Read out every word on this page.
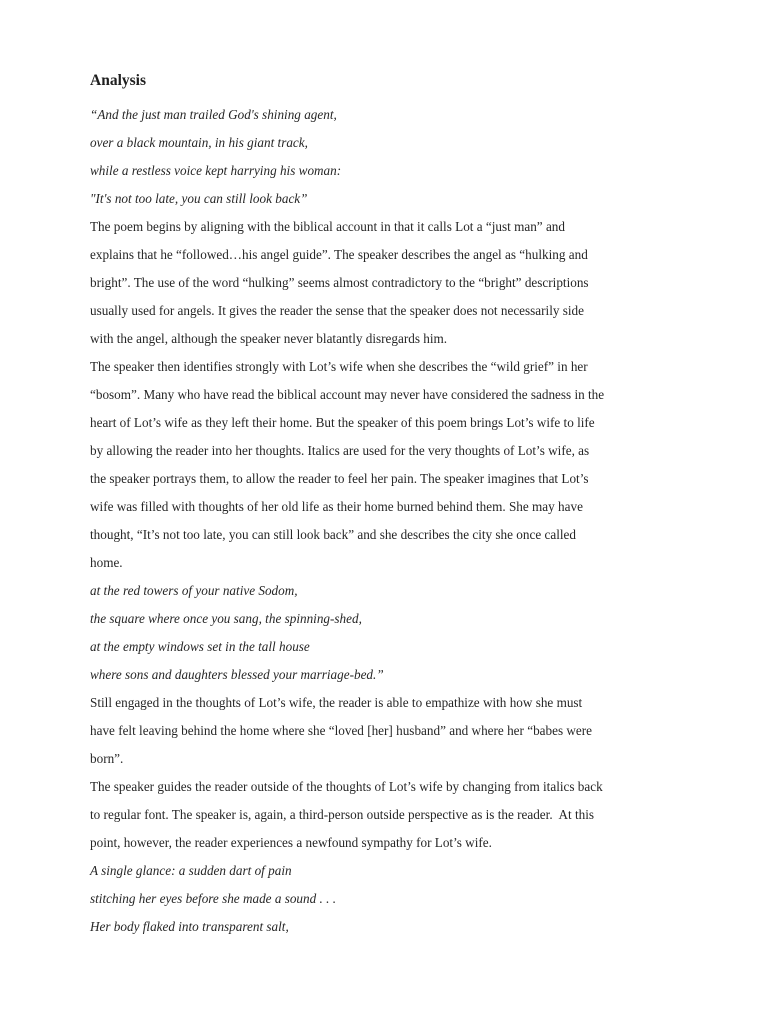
Analysis

“And the just man trailed God's shining agent,

over a black mountain, in his giant track,

while a restless voice kept harrying his woman:

"It's not too late, you can still look back”

The poem begins by aligning with the biblical account in that it calls Lot a “just man” and

explains that he “followed…his angel guide”. The speaker describes the angel as “hulking and

bright”. The use of the word “hulking” seems almost contradictory to the “bright” descriptions

usually used for angels. It gives the reader the sense that the speaker does not necessarily side

with the angel, although the speaker never blatantly disregards him.

The speaker then identifies strongly with Lot’s wife when she describes the “wild grief” in her

“bosom”. Many who have read the biblical account may never have considered the sadness in the

heart of Lot’s wife as they left their home. But the speaker of this poem brings Lot’s wife to life

by allowing the reader into her thoughts. Italics are used for the very thoughts of Lot’s wife, as

the speaker portrays them, to allow the reader to feel her pain. The speaker imagines that Lot’s

wife was filled with thoughts of her old life as their home burned behind them. She may have

thought, “It’s not too late, you can still look back” and she describes the city she once called

home.

at the red towers of your native Sodom,

the square where once you sang, the spinning-shed,

at the empty windows set in the tall house

where sons and daughters blessed your marriage-bed.”

Still engaged in the thoughts of Lot’s wife, the reader is able to empathize with how she must

have felt leaving behind the home where she “loved [her] husband” and where her “babes were

born”.

The speaker guides the reader outside of the thoughts of Lot’s wife by changing from italics back

to regular font. The speaker is, again, a third-person outside perspective as is the reader.  At this

point, however, the reader experiences a newfound sympathy for Lot’s wife.

A single glance: a sudden dart of pain

stitching her eyes before she made a sound . . .

Her body flaked into transparent salt,
